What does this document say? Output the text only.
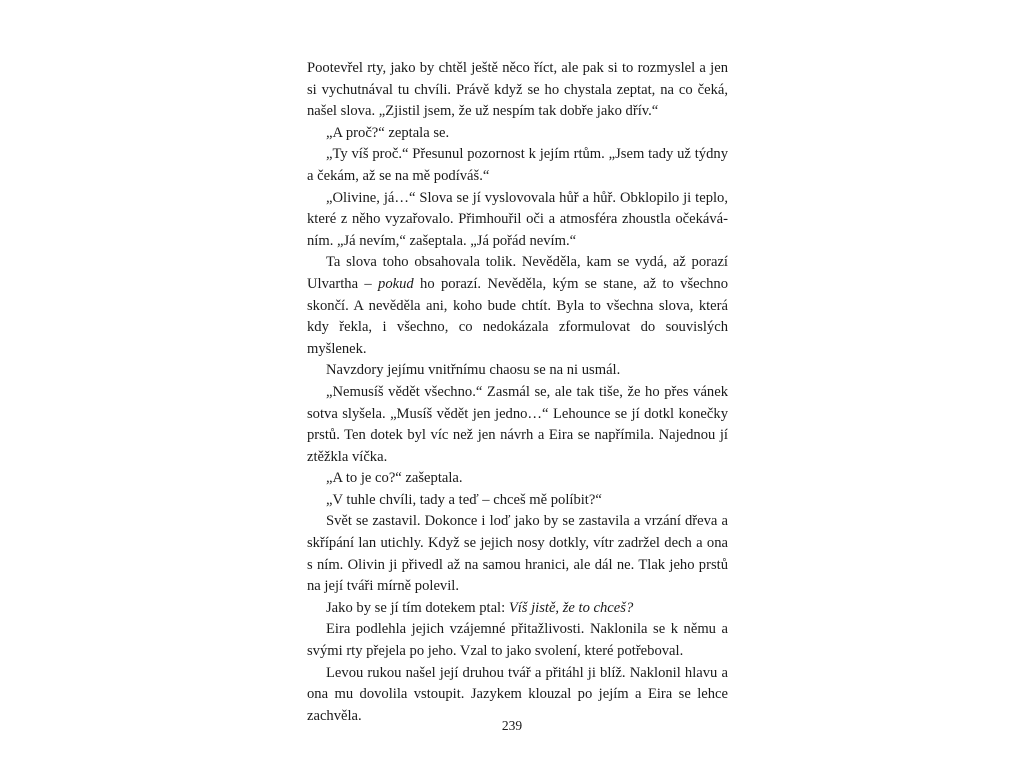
Pootevřel rty, jako by chtěl ještě něco říct, ale pak si to rozmyslel a jen si vychutnával tu chvíli. Právě když se ho chystala zeptat, na co čeká, našel slova. „Zjistil jsem, že už nespím tak dobře jako dřív.“

„A proč?“ zeptala se.

„Ty víš proč.“ Přesunul pozornost k jejím rtům. „Jsem tady už týdny a čekám, až se na mě podíváš.“

„Olivine, já…“ Slova se jí vyslovovala hůř a hůř. Obklopilo ji teplo, které z něho vyzařovalo. Přimhouřil oči a atmosféra zhoustla očekáváním. „Já nevím,“ zašeptala. „Já pořád nevím.“

Ta slova toho obsahovala tolik. Nevěděla, kam se vydá, až porazí Ulvartha – pokud ho porazí. Nevěděla, kým se stane, až to všechno skončí. A nevěděla ani, koho bude chtít. Byla to všechna slova, která kdy řekla, i všechno, co nedokázala zformulovat do souvislých myšlenek.

Navzdory jejímu vnitřnímu chaosu se na ni usmál.

„Nemusíš vědět všechno.“ Zasmál se, ale tak tiše, že ho přes vánek sotva slyšela. „Musíš vědět jen jedno…“ Lehounce se jí dotkl konečky prstů. Ten dotek byl víc než jen návrh a Eira se napřímila. Najednou jí ztěžkla víčka.

„A to je co?“ zašeptala.

„V tuhle chvíli, tady a teď – chceš mě políbit?“

Svět se zastavil. Dokonce i loď jako by se zastavila a vrzání dřeva a skřípání lan utichly. Když se jejich nosy dotkly, vítr zadržel dech a ona s ním. Olivin ji přivedl až na samou hranici, ale dál ne. Tlak jeho prstů na její tváři mírně polevil.

Jako by se jí tím dotekem ptal: Víš jistě, že to chceš?

Eira podlehla jejich vzájemné přitažlivosti. Naklonila se k němu a svými rty přejela po jeho. Vzal to jako svolení, které potřeboval.

Levou rukou našel její druhou tvář a přitáhl ji blíž. Naklonil hlavu a ona mu dovolila vstoupit. Jazykem klouzal po jejím a Eira se lehce zachvěla.

239
